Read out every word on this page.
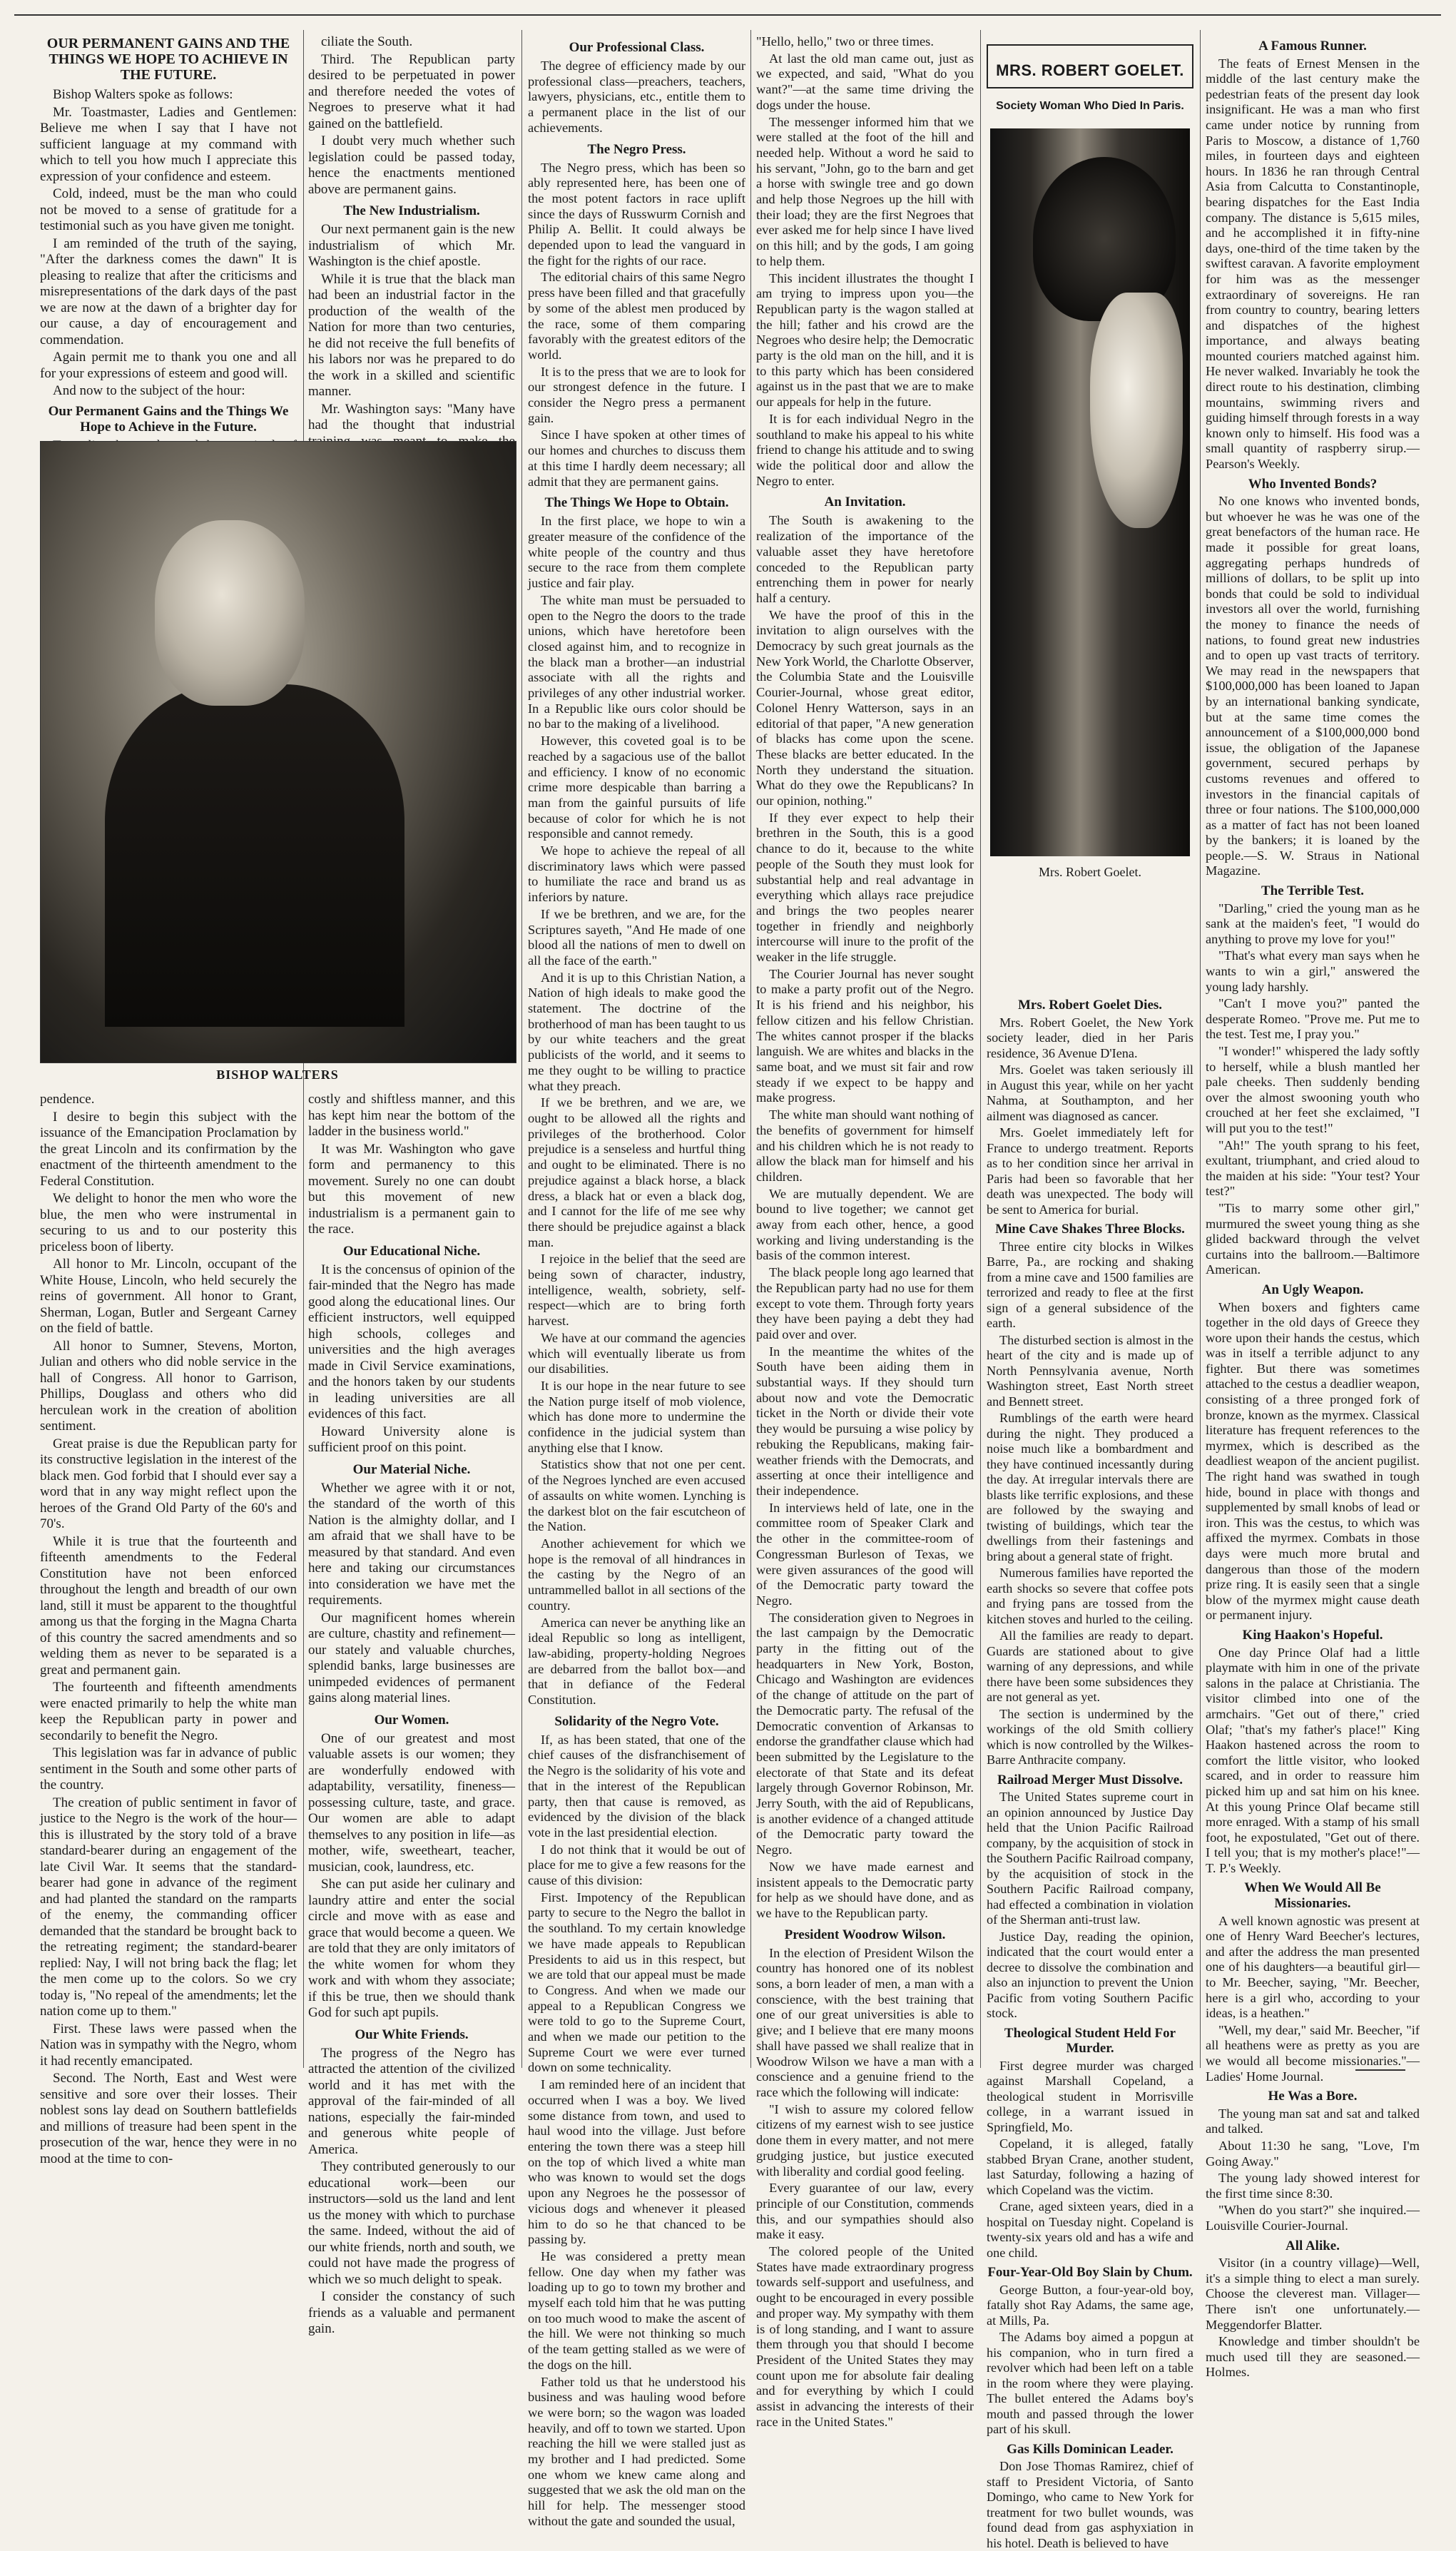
OUR PERMANENT GAINS AND THE THINGS WE HOPE TO ACHIEVE IN THE FUTURE.

Bishop Walters spoke as follows:

Mr. Toastmaster, Ladies and Gentlemen: Believe me when I say that I have not sufficient language at my command with which to tell you how much I appreciate this expression of your confidence and esteem.

Cold, indeed, must be the man who could not be moved to a sense of gratitude for a testimonial such as you have given me tonight.

I am reminded of the truth of the saying, "After the darkness comes the dawn" It is pleasing to realize that after the criticisms and misrepresentations of the dark days of the past we are now at the dawn of a brighter day for our cause, a day of encouragement and commendation.

Again permit me to thank you one and all for your expressions of esteem and good will.

And now to the subject of the hour:

Our Permanent Gains and the Things We Hope to Achieve in the Future.

ciliate the South.

Third. The Republican party desired to be perpetuated in power and therefore needed the votes of Negroes to preserve what it had gained on the battlefield.

I doubt very much whether such legislation could be passed today, hence the enactments mentioned above are permanent gains.

The New Industrialism.

Our next permanent gain is the new industrialism of which Mr. Washington is the chief apostle.

While it is true that the black man had been an industrial factor in the production of the wealth of the Nation for more than two centuries, he did not receive the full benefits of his labors nor was he prepared to do the work in a skilled and scientific manner.

Mr. Washington says: "Many have had the thought that industrial

BISHOP WALTERS

pendence.

I desire to begin this subject with the issuance of the Emancipation Proclamation by the great Lincoln and its confirmation by the enactment of the thirteenth amendment to the Federal Constitution.

We delight to honor the men who wore the blue, the men who were instrumental in securing to us and to our posterity this priceless boon of liberty.

All honor to Mr. Lincoln, occupant of the White House, Lincoln, who held securely the reins of government. All honor to Grant, Sherman, Logan, Butler and Sergeant Carney on the field of battle.

All honor to Sumner, Stevens, Morton, Julian and others who did noble service in the hall of Congress. All honor to Garrison, Phillips, Douglass and others who did herculean work in the creation of abolition sentiment.

Great praise is due the Republican party for its constructive legislation in the interest of the black men. God forbid that I should ever say a word that in any way might reflect upon the heroes of the Grand Old Party of the 60's and 70's.

While it is true that the fourteenth and fifteenth amendments to the Federal Constitution have not been enforced throughout the length and breadth of our own land, still it must be apparent to the thoughtful among us that the forging in the Magna Charta of this country the sacred amendments and so welding them as never to be separated is a great and permanent gain.

The fourteenth and fifteenth amendments were enacted primarily to help the white man keep the Republican party in power and secondarily to benefit the Negro.

This legislation was far in advance of public sentiment in the South and some other parts of the country.

The creation of public sentiment in favor of justice to the Negro is the work of the hour—this is illustrated by the story told of a brave standard-bearer during an engagement of the late Civil War. It seems that the standard-bearer had gone in advance of the regiment and had planted the standard on the ramparts of the enemy, the commanding officer demanded that the standard be brought back to the retreating regiment; the standard-bearer replied: Nay, I will not bring back the flag; let the men come up to the colors. So we cry today is, "No repeal of the amendments; let the nation come up to them."

First. These laws were passed when the Nation was in sympathy with the Negro, whom it had recently emancipated.

Second. The North, East and West were sensitive and sore over their losses. Their noblest sons lay dead on Southern battlefields and millions of treasure had been spent in the prosecution of the war, hence they were in no mood at the time to con-

costly and shiftless manner, and this has kept him near the bottom of the ladder in the business world."

It was Mr. Washington who gave form and permanency to this movement. Surely no one can doubt but this movement of new industrialism is a permanent gain to the race.

Our Educational Niche.

It is the concensus of opinion of the fair-minded that the Negro has made good along the educational lines. Our efficient instructors, well equipped high schools, colleges and universities and the high averages made in Civil Service examinations, and the honors taken by our students in leading universities are all evidences of this fact.

Howard University alone is sufficient proof on this point.

Our Material Niche.

Whether we agree with it or not, the standard of the worth of this Nation is the almighty dollar, and I am afraid that we shall have to be measured by that standard. And even here and taking our circumstances into consideration we have met the requirements.

Our magnificent homes wherein are culture, chastity and refinement—our stately and valuable churches, splendid banks, large businesses are unimpeded evidences of permanent gains along material lines.

Our Women.

One of our greatest and most valuable assets is our women; they are wonderfully endowed with adaptability, versatility, fineness—possessing culture, taste, and grace. Our women are able to adapt themselves to any position in life—as mother, wife, sweetheart, teacher, musician, cook, laundress, etc.

She can put aside her culinary and laundry attire and enter the social circle and move with as ease and grace that would become a queen. We are told that they are only imitators of the white women for whom they work and with whom they associate; if this be true, then we should thank God for such apt pupils.

Our White Friends.

The progress of the Negro has attracted the attention of the civilized world and it has met with the approval of the fair-minded of all nations, especially the fair-minded and generous white people of America.

They contributed generously to our educational work—been our instructors—sold us the land and lent us the money with which to purchase the same. Indeed, without the aid of our white friends, north and south, we could not have made the progress of which we so much delight to speak.

I consider the constancy of such friends as a valuable and permanent gain.

Our Professional Class.

The degree of efficiency made by our professional class—preachers, teachers, lawyers, physicians, etc., entitle them to a permanent place in the list of our achievements.

The Negro Press.

The Negro press, which has been so ably represented here, has been one of the most potent factors in race uplift since the days of Russwurm Cornish and Philip A. Bellit. It could always be depended upon to lead the vanguard in the fight for the rights of our race.

The editorial chairs of this same Negro press have been filled and that gracefully by some of the ablest men produced by the race, some of them comparing favorably with the greatest editors of the world.

It is to the press that we are to look for our strongest defence in the future. I consider the Negro press a permanent gain.

Since I have spoken at other times of our homes and churches to discuss them at this time I hardly deem necessary; all admit that they are permanent gains.

The Things We Hope to Obtain.

In the first place, we hope to win a greater measure of the confidence of the white people of the country and thus secure to the race from them complete justice and fair play.

The white man must be persuaded to open to the Negro the doors to the trade unions, which have heretofore been closed against him, and to recognize in the black man a brother—an industrial associate with all the rights and privileges of any other industrial worker. In a Republic like ours color should be no bar to the making of a livelihood.

However, this coveted goal is to be reached by a sagacious use of the ballot and efficiency. I know of no economic crime more despicable than barring a man from the gainful pursuits of life because of color for which he is not responsible and cannot remedy.

We hope to achieve the repeal of all discriminatory laws which were passed to humiliate the race and brand us as inferiors by nature.

If we be brethren, and we are, for the Scriptures sayeth, "And He made of one blood all the nations of men to dwell on all the face of the earth."

And it is up to this Christian Nation, a Nation of high ideals to make good the statement. The doctrine of the brotherhood of man has been taught to us by our white teachers and the great publicists of the world, and it seems to me they ought to be willing to practice what they preach.

If we be brethren, and we are, we ought to be allowed all the rights and privileges of the brotherhood. Color prejudice is a senseless and hurtful thing and ought to be eliminated. There is no prejudice against a black horse, a black dress, a black hat or even a black dog, and I cannot for the life of me see why there should be prejudice against a black man.

I rejoice in the belief that the seed are being sown of character, industry, intelligence, wealth, sobriety, self-respect—which are to bring forth harvest.

We have at our command the agencies which will eventually liberate us from our disabilities.

It is our hope in the near future to see the Nation purge itself of mob violence, which has done more to undermine the confidence in the judicial system than anything else that I know.

Statistics show that not one per cent. of the Negroes lynched are even accused of assaults on white women. Lynching is the darkest blot on the fair escutcheon of the Nation.

Another achievement for which we hope is the removal of all hindrances in the casting by the Negro of an untrammelled ballot in all sections of the country.

America can never be anything like an ideal Republic so long as intelligent, law-abiding, property-holding Negroes are debarred from the ballot box—and that in defiance of the Federal Constitution.

Solidarity of the Negro Vote.

If, as has been stated, that one of the chief causes of the disfranchisement of the Negro is the solidarity of his vote and that in the interest of the Republican party, then that cause is removed, as evidenced by the division of the black vote in the last presidential election.

I do not think that it would be out of place for me to give a few reasons for the cause of this division:

First. Impotency of the Republican party to secure to the Negro the ballot in the southland. To my certain knowledge we have made appeals to Republican Presidents to aid us in this respect, but we are told that our appeal must be made to Congress. And when we made our appeal to a Republican Congress we were told to go to the Supreme Court, and when we made our petition to the Supreme Court we were ever turned down on some technicality.

I am reminded here of an incident that occurred when I was a boy. We lived some distance from town, and used to haul wood into the village. Just before entering the town there was a steep hill on the top of which lived a white man who was known to would set the dogs upon any Negroes he the possessor of vicious dogs and whenever it pleased him to do so he that chanced to be passing by.

He was considered a pretty mean fellow. One day when my father was loading up to go to town my brother and myself each told him that he was putting on too much wood to make the ascent of the hill. We were not thinking so much of the team getting stalled as we were of the dogs on the hill.

Father told us that he understood his business and was hauling wood before we were born; so the wagon was loaded heavily, and off to town we started. Upon reaching the hill we were stalled just as my brother and I had predicted. Some one whom we knew came along and suggested that we ask the old man on the hill for help. The messenger stood without the gate and sounded the usual,

"Hello, hello," two or three times.

At last the old man came out, just as we expected, and said, "What do you want?"—at the same time driving the dogs under the house.

The messenger informed him that we were stalled at the foot of the hill and needed help. Without a word he said to his servant, "John, go to the barn and get a horse with swingle tree and go down and help those Negroes up the hill with their load; they are the first Negroes that ever asked me for help since I have lived on this hill; and by the gods, I am going to help them.

This incident illustrates the thought I am trying to impress upon you—the Republican party is the wagon stalled at the hill; father and his crowd are the Negroes who desire help; the Democratic party is the old man on the hill, and it is to this party which has been considered against us in the past that we are to make our appeals for help in the future.

It is for each individual Negro in the southland to make his appeal to his white friend to change his attitude and to swing wide the political door and allow the Negro to enter.

An Invitation.

The South is awakening to the realization of the importance of the valuable asset they have heretofore conceded to the Republican party entrenching them in power for nearly half a century.

We have the proof of this in the invitation to align ourselves with the Democracy by such great journals as the New York World, the Charlotte Observer, the Columbia State and the Louisville Courier-Journal, whose great editor, Colonel Henry Watterson, says in an editorial of that paper, "A new generation of blacks has come upon the scene. These blacks are better educated. In the North they understand the situation. What do they owe the Republicans? In our opinion, nothing."

If they ever expect to help their brethren in the South, this is a good chance to do it, because to the white people of the South they must look for substantial help and real advantage in everything which allays race prejudice and brings the two peoples nearer together in friendly and neighborly intercourse will inure to the profit of the weaker in the life struggle.

The Courier Journal has never sought to make a party profit out of the Negro. It is his friend and his neighbor, his fellow citizen and his fellow Christian. The whites cannot prosper if the blacks languish. We are whites and blacks in the same boat, and we must sit fair and row steady if we expect to be happy and make progress.

The white man should want nothing of the benefits of government for himself and his children which he is not ready to allow the black man for himself and his children.

We are mutually dependent. We are bound to live together; we cannot get away from each other, hence, a good working and living understanding is the basis of the common interest.

The black people long ago learned that the Republican party had no use for them except to vote them. Through forty years they have been paying a debt they had paid over and over.

In the meantime the whites of the South have been aiding them in substantial ways. If they should turn about now and vote the Democratic ticket in the North or divide their vote they would be pursuing a wise policy by rebuking the Republicans, making fair-weather friends with the Democrats, and asserting at once their intelligence and their independence.

In interviews held of late, one in the committee room of Speaker Clark and the other in the committee-room of Congressman Burleson of Texas, we were given assurances of the good will of the Democratic party toward the Negro.

The consideration given to Negroes in the last campaign by the Democratic party in the fitting out of the headquarters in New York, Boston, Chicago and Washington are evidences of the change of attitude on the part of the Democratic party. The refusal of the Democratic convention of Arkansas to endorse the grandfather clause which had been submitted by the Legislature to the electorate of that State and its defeat largely through Governor Robinson, Mr. Jerry South, with the aid of Republicans, is another evidence of a changed attitude of the Democratic party toward the Negro.

Now we have made earnest and insistent appeals to the Democratic party for help as we should have done, and as we have to the Republican party.

President Woodrow Wilson.

In the election of President Wilson the country has honored one of its noblest sons, a born leader of men, a man with a conscience, with the best training that one of our great universities is able to give; and I believe that ere many moons shall have passed we shall realize that in Woodrow Wilson we have a man with a conscience and a genuine friend to the race which the following will indicate:

"I wish to assure my colored fellow citizens of my earnest wish to see justice done them in every matter, and not mere grudging justice, but justice executed with liberality and cordial good feeling.

Every guarantee of our law, every principle of our Constitution, commends this, and our sympathies should also make it easy.

The colored people of the United States have made extraordinary progress towards self-support and usefulness, and ought to be encouraged in every possible and proper way. My sympathy with them is of long standing, and I want to assure them through you that should I become President of the United States they may count upon me for absolute fair dealing and for everything by which I could assist in advancing the interests of their race in the United States."

MRS. ROBERT GOELET.
Society Woman Who Died In Paris.
Mrs. Robert Goelet.
Mrs. Robert Goelet Dies.

Mrs. Robert Goelet, the New York society leader, died in her Paris residence, 36 Avenue D'Iena.

Mrs. Goelet was taken seriously ill in August this year, while on her yacht Nahma, at Southampton, and her ailment was diagnosed as cancer.

Mrs. Goelet immediately left for France to undergo treatment. Reports as to her condition since her arrival in Paris had been so favorable that her death was unexpected. The body will be sent to America for burial.

Mine Cave Shakes Three Blocks.

Three entire city blocks in Wilkes Barre, Pa., are rocking and shaking from a mine cave and 1500 families are terrorized and ready to flee at the first sign of a general subsidence of the earth.

The disturbed section is almost in the heart of the city and is made up of North Pennsylvania avenue, North Washington street, East North street and Bennett street.

Rumblings of the earth were heard during the night. They produced a noise much like a bombardment and they have continued incessantly during the day. At irregular intervals there are blasts like terrific explosions, and these are followed by the swaying and twisting of buildings, which tear the dwellings from their fastenings and bring about a general state of fright.

Numerous families have reported the earth shocks so severe that coffee pots and frying pans are tossed from the kitchen stoves and hurled to the ceiling.

All the families are ready to depart. Guards are stationed about to give warning of any depressions, and while there have been some subsidences they are not general as yet.

The section is undermined by the workings of the old Smith colliery which is now controlled by the Wilkes-Barre Anthracite company.

Railroad Merger Must Dissolve.

The United States supreme court in an opinion announced by Justice Day held that the Union Pacific Railroad company, by the acquisition of stock in the Southern Pacific Railroad company, by the acquisition of stock in the Southern Pacific Railroad company, had effected a combination in violation of the Sherman anti-trust law.

Justice Day, reading the opinion, indicated that the court would enter a decree to dissolve the combination and also an injunction to prevent the Union Pacific from voting Southern Pacific stock.

Theological Student Held For Murder.

First degree murder was charged against Marshall Copeland, a theological student in Morrisville college, in a warrant issued in Springfield, Mo.

Copeland, it is alleged, fatally stabbed Bryan Crane, another student, last Saturday, following a hazing of which Copeland was the victim.

Crane, aged sixteen years, died in a hospital on Tuesday night. Copeland is twenty-six years old and has a wife and one child.

Four-Year-Old Boy Slain by Chum.

George Button, a four-year-old boy, fatally shot Ray Adams, the same age, at Mills, Pa.

The Adams boy aimed a popgun at his companion, who in turn fired a revolver which had been left on a table in the room where they were playing. The bullet entered the Adams boy's mouth and passed through the lower part of his skull.

Gas Kills Dominican Leader.

Don Jose Thomas Ramirez, chief of staff to President Victoria, of Santo Domingo, who came to New York for treatment for two bullet wounds, was found dead from gas asphyxiation in his hotel. Death is believed to have

A Famous Runner.

The feats of Ernest Mensen in the middle of the last century make the pedestrian feats of the present day look insignificant. He was a man who first came under notice by running from Paris to Moscow, a distance of 1,760 miles, in fourteen days and eighteen hours. In 1836 he ran through Central Asia from Calcutta to Constantinople, bearing dispatches for the East India company. The distance is 5,615 miles, and he accomplished it in fifty-nine days, one-third of the time taken by the swiftest caravan. A favorite employment for him was as the messenger extraordinary of sovereigns. He ran from country to country, bearing letters and dispatches of the highest importance, and always beating mounted couriers matched against him. He never walked. Invariably he took the direct route to his destination, climbing mountains, swimming rivers and guiding himself through forests in a way known only to himself. His food was a small quantity of raspberry sirup.—Pearson's Weekly.

Who Invented Bonds?

No one knows who invented bonds, but whoever he was he was one of the great benefactors of the human race. He made it possible for great loans, aggregating perhaps hundreds of millions of dollars, to be split up into bonds that could be sold to individual investors all over the world, furnishing the money to finance the needs of nations, to found great new industries and to open up vast tracts of territory. We may read in the newspapers that $100,000,000 has been loaned to Japan by an international banking syndicate, but at the same time comes the announcement of a $100,000,000 bond issue, the obligation of the Japanese government, secured perhaps by customs revenues and offered to investors in the financial capitals of three or four nations. The $100,000,000 as a matter of fact has not been loaned by the bankers; it is loaned by the people.—S. W. Straus in National Magazine.

The Terrible Test.

"Darling," cried the young man as he sank at the maiden's feet, "I would do anything to prove my love for you!"

"That's what every man says when he wants to win a girl," answered the young lady harshly.

"Can't I move you?" panted the desperate Romeo. "Prove me. Put me to the test. Test me, I pray you."

"I wonder!" whispered the lady softly to herself, while a blush mantled her pale cheeks. Then suddenly bending over the almost swooning youth who crouched at her feet she exclaimed, "I will put you to the test!"

"Ah!" The youth sprang to his feet, exultant, triumphant, and cried aloud to the maiden at his side: "Your test? Your test?"

"Tis to marry some other girl," murmured the sweet young thing as she glided backward through the velvet curtains into the ballroom.—Baltimore American.

An Ugly Weapon.

When boxers and fighters came together in the old days of Greece they wore upon their hands the cestus, which was in itself a terrible adjunct to any fighter. But there was sometimes attached to the cestus a deadlier weapon, consisting of a three pronged fork of bronze, known as the myrmex. Classical literature has frequent references to the myrmex, which is described as the deadliest weapon of the ancient pugilist. The right hand was swathed in tough hide, bound in place with thongs and supplemented by small knobs of lead or iron. This was the cestus, to which was affixed the myrmex. Combats in those days were much more brutal and dangerous than those of the modern prize ring. It is easily seen that a single blow of the myrmex might cause death or permanent injury.

King Haakon's Hopeful.

One day Prince Olaf had a little playmate with him in one of the private salons in the palace at Christiania. The visitor climbed into one of the armchairs. "Get out of there," cried Olaf; "that's my father's place!" King Haakon hastened across the room to comfort the little visitor, who looked scared, and in order to reassure him picked him up and sat him on his knee. At this young Prince Olaf became still more enraged. With a stamp of his small foot, he expostulated, "Get out of there. I tell you; that is my mother's place!"—T. P.'s Weekly.

When We Would All Be Missionaries.

A well known agnostic was present at one of Henry Ward Beecher's lectures, and after the address the man presented one of his daughters—a beautiful girl—to Mr. Beecher, saying, "Mr. Beecher, here is a girl who, according to your ideas, is a heathen."

"Well, my dear," said Mr. Beecher, "if all heathens were as pretty as you are we would all become missionaries."—Ladies' Home Journal.

He Was a Bore.

The young man sat and sat and talked and talked.

About 11:30 he sang, "Love, I'm Going Away."

The young lady showed interest for the first time since 8:30.

"When do you start?" she inquired.—Louisville Courier-Journal.

All Alike.

Visitor (in a country village)—Well, it's a simple thing to elect a man surely. Choose the cleverest man. Villager—There isn't one unfortunately.—Meggendorfer Blatter.

Knowledge and timber shouldn't be much used till they are seasoned.—Holmes.
